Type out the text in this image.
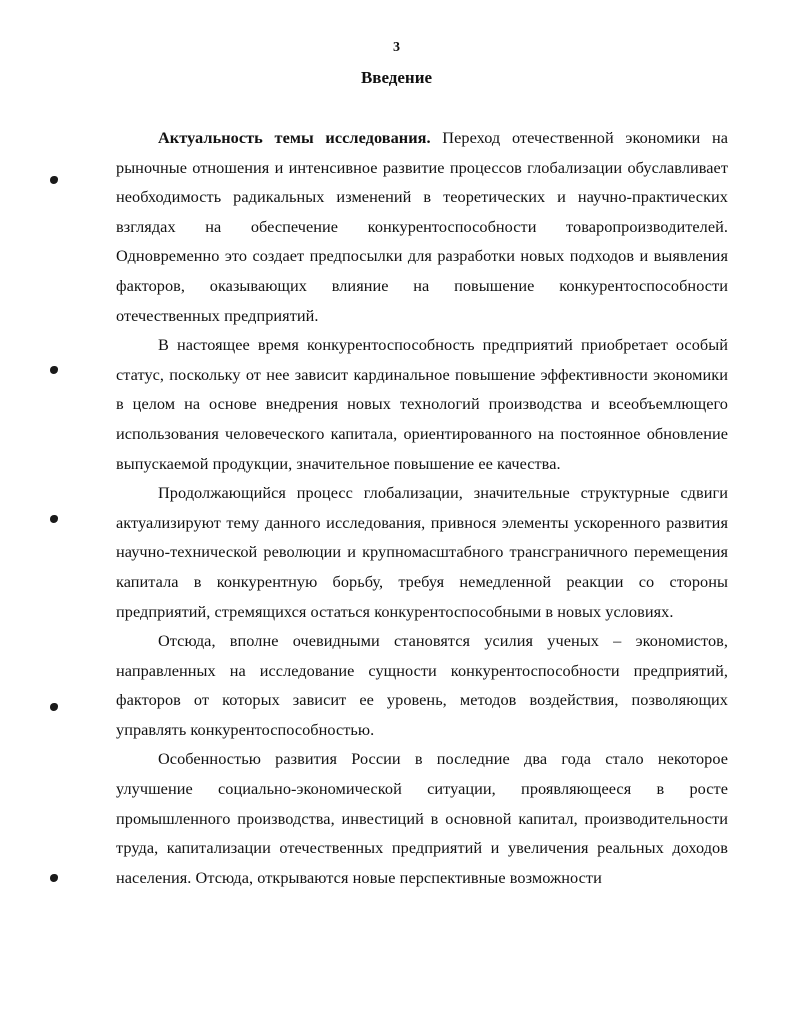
3
Введение

Актуальность темы исследования. Переход отечественной экономики на рыночные отношения и интенсивное развитие процессов глобализации обуславливает необходимость радикальных изменений в теоретических и научно-практических взглядах на обеспечение конкурентоспособности товаропроизводителей. Одновременно это создает предпосылки для разработки новых подходов и выявления факторов, оказывающих влияние на повышение конкурентоспособности отечественных предприятий.

В настоящее время конкурентоспособность предприятий приобретает особый статус, поскольку от нее зависит кардинальное повышение эффективности экономики в целом на основе внедрения новых технологий производства и всеобъемлющего использования человеческого капитала, ориентированного на постоянное обновление выпускаемой продукции, значительное повышение ее качества.

Продолжающийся процесс глобализации, значительные структурные сдвиги актуализируют тему данного исследования, привнося элементы ускоренного развития научно-технической революции и крупномасштабного трансграничного перемещения капитала в конкурентную борьбу, требуя немедленной реакции со стороны предприятий, стремящихся остаться конкурентоспособными в новых условиях.

Отсюда, вполне очевидными становятся усилия ученых – экономистов, направленных на исследование сущности конкурентоспособности предприятий, факторов от которых зависит ее уровень, методов воздействия, позволяющих управлять конкурентоспособностью.

Особенностью развития России в последние два года стало некоторое улучшение социально-экономической ситуации, проявляющееся в росте промышленного производства, инвестиций в основной капитал, производительности труда, капитализации отечественных предприятий и увеличения реальных доходов населения. Отсюда, открываются новые перспективные возможности
